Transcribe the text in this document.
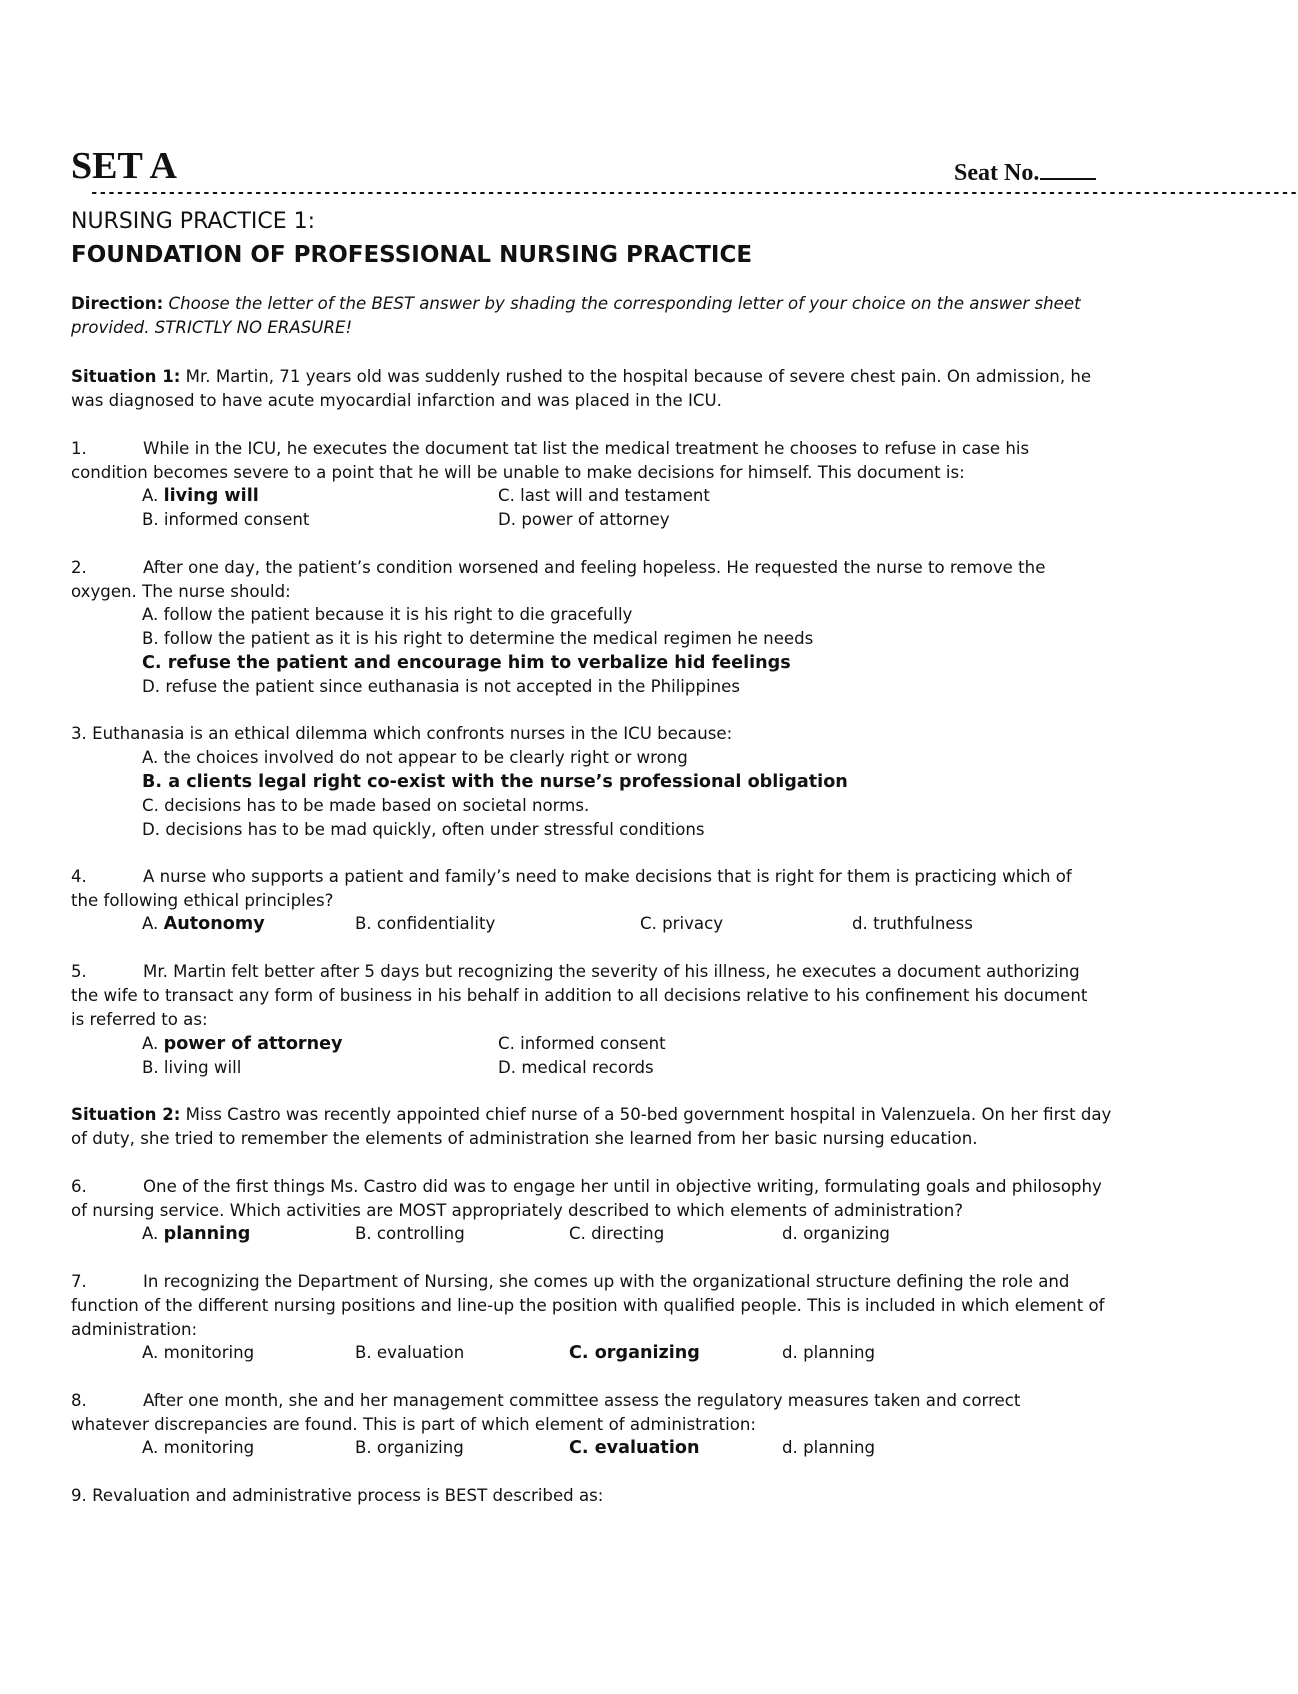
SET A	Seat No.
--------------------------------------------------------------------------------------------------------------------------------------------
NURSING PRACTICE 1:
FOUNDATION OF PROFESSIONAL NURSING PRACTICE
Direction: Choose the letter of the BEST answer by shading the corresponding letter of your choice on the answer sheet
provided. STRICTLY NO ERASURE!
Situation 1: Mr. Martin, 71 years old was suddenly rushed to the hospital because of severe chest pain. On admission, he
was diagnosed to have acute myocardial infarction and was placed in the ICU.
1.	While in the ICU, he executes the document tat list the medical treatment he chooses to refuse in case his
condition becomes severe to a point that he will be unable to make decisions for himself. This document is:
A. living will	C. last will and testament
B. informed consent	D. power of attorney
2.	After one day, the patient’s condition worsened and feeling hopeless. He requested the nurse to remove the
oxygen. The nurse should:
A. follow the patient because it is his right to die gracefully
B. follow the patient as it is his right to determine the medical regimen he needs
C. refuse the patient and encourage him to verbalize hid feelings
D. refuse the patient since euthanasia is not accepted in the Philippines
3. Euthanasia is an ethical dilemma which confronts nurses in the ICU because:
A. the choices involved do not appear to be clearly right or wrong
B. a clients legal right co-exist with the nurse’s professional obligation
C. decisions has to be made based on societal norms.
D. decisions has to be mad quickly, often under stressful conditions
4.	A nurse who supports a patient and family’s need to make decisions that is right for them is practicing which of
the following ethical principles?
A. Autonomy	B. confidentiality	C. privacy	d. truthfulness
5.	Mr. Martin felt better after 5 days but recognizing the severity of his illness, he executes a document authorizing
the wife to transact any form of business in his behalf in addition to all decisions relative to his confinement his document
is referred to as:
A. power of attorney	C. informed consent
B. living will	D. medical records
Situation 2: Miss Castro was recently appointed chief nurse of a 50-bed government hospital in Valenzuela. On her first day
of duty, she tried to remember the elements of administration she learned from her basic nursing education.
6.	One of the first things Ms. Castro did was to engage her until in objective writing, formulating goals and philosophy
of nursing service. Which activities are MOST appropriately described to which elements of administration?
A. planning	B. controlling	C. directing	d. organizing
7.	In recognizing the Department of Nursing, she comes up with the organizational structure defining the role and
function of the different nursing positions and line-up the position with qualified people. This is included in which element of
administration:
A. monitoring	B. evaluation	C. organizing	d. planning
8.	After one month, she and her management committee assess the regulatory measures taken and correct
whatever discrepancies are found. This is part of which element of administration:
A. monitoring	B. organizing	C. evaluation	d. planning
9. Revaluation and administrative process is BEST described as:
